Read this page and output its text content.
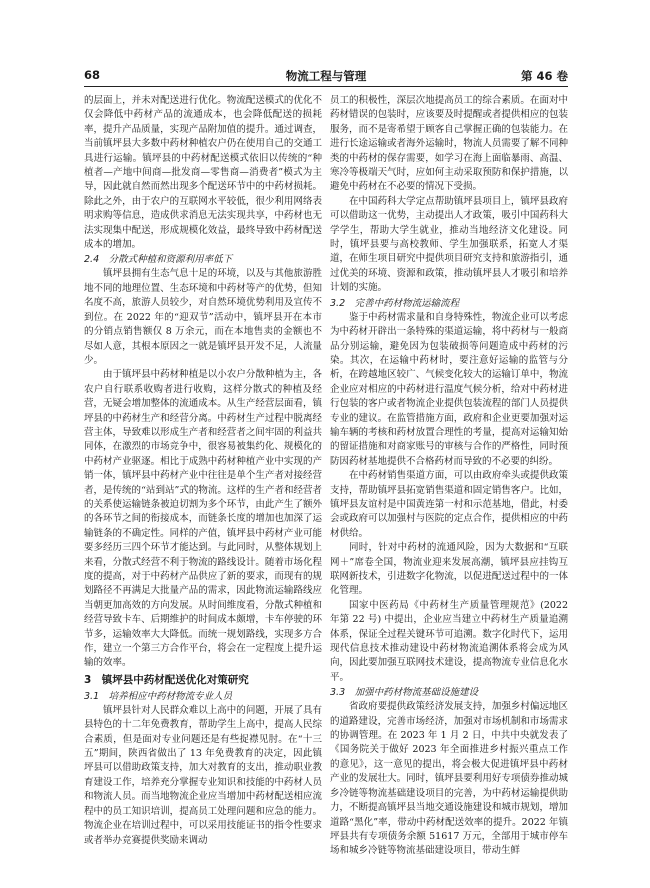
68	物流工程与管理	第 46 卷

的层面上，并未对配送进行优化。物流配送模式的优化不仅会降低中药材产品的流通成本，也会降低配送的损耗率，提升产品质量，实现产品附加值的提升。通过调查，当前镇坪县大多数中药材种植农户仍在使用自己的交通工具进行运输。镇坪县的中药材配送模式依旧以传统的“种植者—产地中间商—批发商—零售商—消费者”模式为主导，因此就自然而然出现多个配送环节中的中药材损耗。除此之外，由于农户的互联网水平较低，很少利用网络表明求购等信息，造成供求消息无法实现共享，中药材也无法实现集中配送，形成规模化效益，最终导致中药材配送成本的增加。

2.4　分散式种植和资源利用率低下

镇坪县拥有生态气息十足的环境，以及与其他旅游胜地不同的地理位置、生态环境和中药材等产的优势，但知名度不高，旅游人员较少，对自然环境优势利用及宣传不到位。在 2022 年的“迎双节”活动中，镇坪县开在本市的分销点销售额仅 8 万余元，而在本地售卖的金额也不尽如人意，其根本原因之一就是镇坪县开发不足，人流量少。

由于镇坪县中药材种植是以小农户分散种植为主，各农户自行联系收购者进行收购，这样分散式的种植及经营，无疑会增加整体的流通成本。从生产经营层面看，镇坪县的中药材生产和经营分离。中药材生产过程中脱离经营主体，导致难以形成生产者和经营者之间牢固的利益共同体，在激烈的市场竞争中，很容易被集约化、规模化的中药材产业驱逐。相比于成熟中药材种植产业中实现的产销一体，镇坪县中药材产业中往往是单个生产者对接经营者，是传统的“站到站”式的物流。这样的生产者和经营者的关系使运输链条被迫切割为多个环节，由此产生了额外的各环节之间的衔接成本，而链条长度的增加也加深了运输链条的不确定性。同样的产值，镇坪县中药材产业可能要多经历三四个环节才能达到。与此同时，从整体规划上来看，分散式经营不利于物流的路线设计。随着市场化程度的提高，对于中药材产品供应了新的要求，而现有的规划路径不再满足大批量产品的需求，因此物流运输路线应当朝更加高效的方向发展。从时间维度看，分散式种植和经营导致卡车、后期维护的时间成本颇增，卡车停驶的环节多，运输效率大大降低。而统一规划路线，实现多方合作，建立一个第三方合作平台，将会在一定程度上提升运输的效率。

3　镇坪县中药材配送优化对策研究
3.1　培养相应中药材物流专业人员

镇坪县针对人民群众难以上高中的问题，开展了具有县特色的十二年免费教育，帮助学生上高中，提高人民综合素质，但是面对专业问题还是有些捉襟见肘。在“十三五”期间，陕西省做出了 13 年免费教育的决定，因此镇坪县可以借助政策支持，加大对教育的支出，推动职业教育建设工作，培养充分掌握专业知识和技能的中药材人员和物流人员。而当地物流企业应当增加中药材配送相应流程中的员工知识培训，提高员工处理问题和应急的能力。物流企业在培训过程中，可以采用技能证书的指令性要求或者举办竞赛提供奖励来调动

员工的积极性，深层次地提高员工的综合素质。在面对中药材错误的包装时，应该要及时提醒或者提供相应的包装服务，而不是寄希望于顾客自己掌握正确的包装能力。在进行长途运输或者海外运输时，物流人员需要了解不同种类的中药材的保存需要，如学习在海上面临暴雨、高温、寒冷等极端天气时，应如何主动采取预防和保护措施，以避免中药材在不必要的情况下受损。

在中国药科大学定点帮助镇坪县项目上，镇坪县政府可以借助这一优势，主动提出人才政策，吸引中国药科大学学生，帮助大学生就业，推动当地经济文化建设。同时，镇坪县要与高校教师、学生加强联系，拓宽人才渠道，在师生项目研究中提供项目研究支持和旅游指引，通过优美的环境、资源和政策，推动镇坪县人才吸引和培养计划的实施。

3.2　完善中药材物流运输流程

鉴于中药材需求量和自身特殊性，物流企业可以考虑为中药材开辟出一条特殊的渠道运输，将中药材与一般商品分别运输，避免因为包装破损等问题造成中药材的污染。其次，在运输中药材时，要注意好运输的监管与分析，在跨越地区较广、气候变化较大的运输订单中，物流企业应对相应的中药材进行温度气候分析，给对中药材进行包装的客户或者物流企业提供包装流程的部门人员提供专业的建议。在监管措施方面，政府和企业更要加强对运输车辆的考核和药材放置合理性的考量，提高对运输知始的留证措施和对商家账号的审核与合作的严格性，同时预防因药材基地提供不合格药材而导致的不必要的纠纷。

在中药材销售渠道方面，可以由政府牵头或提供政策支持，帮助镇坪县拓宽销售渠道和固定销售客户。比如，镇坪县友谊村是中国黄连第一村和示范基地，借此，村委会或政府可以加强村与医院的定点合作，提供相应的中药材供给。

同时，针对中药材的流通风险，因为大数据和“互联网＋”席卷全国，物流业迎来发展高潮，镇坪县应挂钩互联网新技术，引进数字化物流，以促进配送过程中的一体化管理。

国家中医药局《中药材生产质量管理规范》(2022 年第 22 号) 中提出，企业应当建立中药材生产质量追溯体系，保证全过程关键环节可追溯。数字化时代下，运用现代信息技术推动建设中药材物流追溯体系将会成为风向，因此要加强互联网技术建设，提高物流专业信息化水平。

3.3　加强中药材物流基础设施建设

省政府要提供政策经济发展支持，加强乡村偏远地区的道路建设，完善市场经济，加强对市场机制和市场需求的协调管理。在 2023 年 1 月 2 日，中共中央就发表了《国务院关于做好 2023 年全面推进乡村振兴重点工作的意见》，这一意见的提出，将会极大促进镇坪县中药材产业的发展壮大。同时，镇坪县要利用好专项债券推动城乡冷链等物流基础建设项目的完善，为中药材运输提供助力，不断提高镇坪县当地交通设施建设和城市规划，增加道路“黑化”率，带动中药材配送效率的提升。2022 年镇坪县共有专项债务余额 51617 万元，全部用于城市停车场和城乡冷链等物流基础建设项目，带动生鲜
